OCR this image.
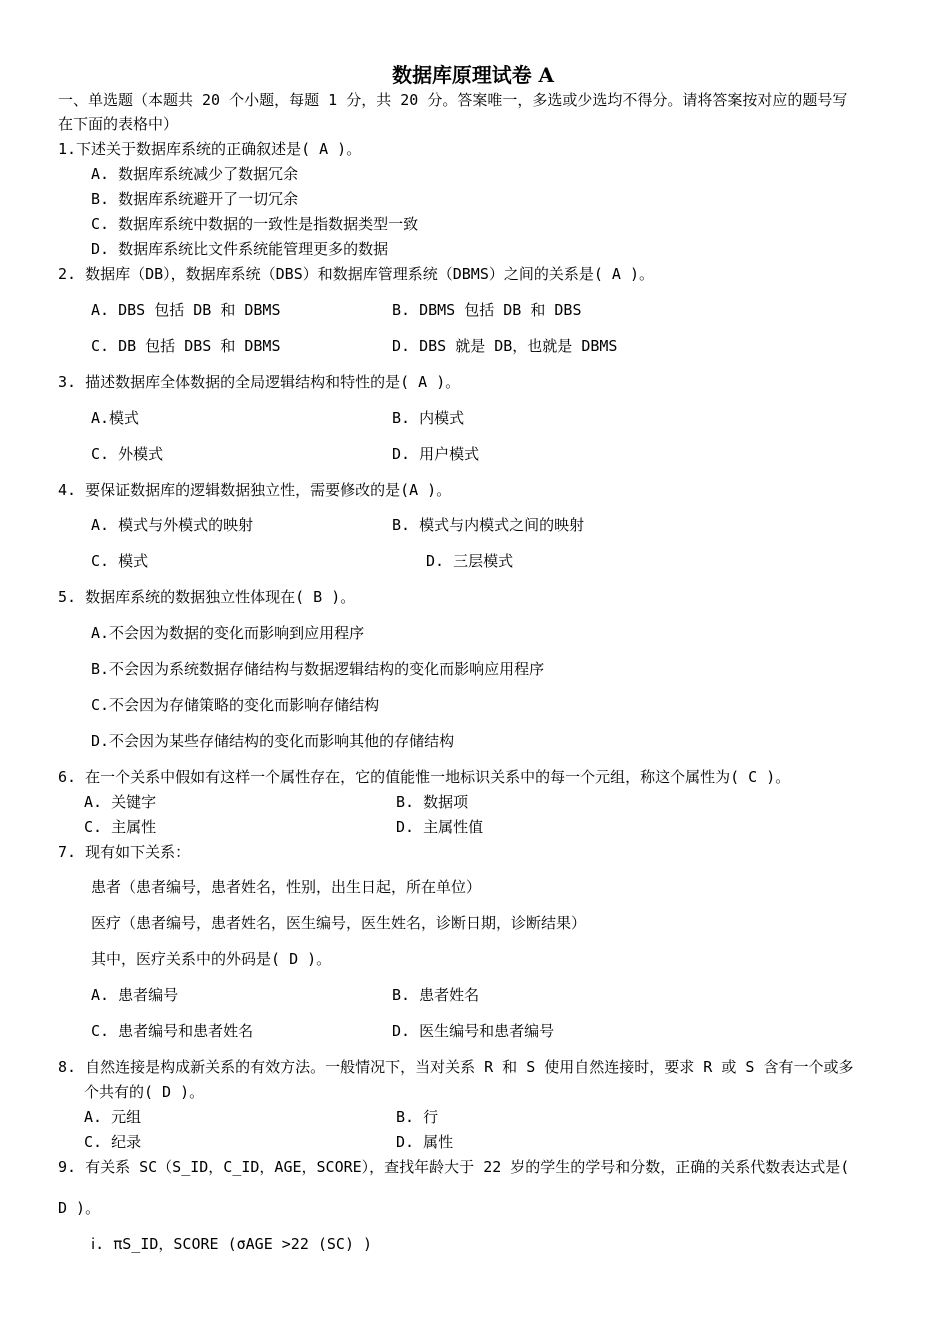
数据库原理试卷 A
一、单选题（本题共 20 个小题，每题 1 分，共 20 分。答案唯一，多选或少选均不得分。请将答案按对应的题号写
在下面的表格中）
1.下述关于数据库系统的正确叙述是( A )。
A. 数据库系统减少了数据冗余
B. 数据库系统避开了一切冗余
C. 数据库系统中数据的一致性是指数据类型一致
D. 数据库系统比文件系统能管理更多的数据
2. 数据库（DB），数据库系统（DBS）和数据库管理系统（DBMS）之间的关系是( A )。
A. DBS 包括 DB 和 DBMS	B. DBMS 包括 DB 和 DBS
C. DB 包括 DBS 和 DBMS	D. DBS 就是 DB，也就是 DBMS
3. 描述数据库全体数据的全局逻辑结构和特性的是( A )。
A.模式	B. 内模式
C. 外模式	D. 用户模式
4. 要保证数据库的逻辑数据独立性，需要修改的是(A )。
A. 模式与外模式的映射	B. 模式与内模式之间的映射
C. 模式	D. 三层模式
5. 数据库系统的数据独立性体现在( B )。
A.不会因为数据的变化而影响到应用程序
B.不会因为系统数据存储结构与数据逻辑结构的变化而影响应用程序
C.不会因为存储策略的变化而影响存储结构
D.不会因为某些存储结构的变化而影响其他的存储结构
6. 在一个关系中假如有这样一个属性存在，它的值能惟一地标识关系中的每一个元组，称这个属性为( C )。
A. 关键字	B. 数据项
C. 主属性	D. 主属性值
7. 现有如下关系：
患者（患者编号，患者姓名，性别，出生日起，所在单位）
医疗（患者编号，患者姓名，医生编号，医生姓名，诊断日期，诊断结果）
其中，医疗关系中的外码是( D )。
A. 患者编号	B. 患者姓名
C. 患者编号和患者姓名	D. 医生编号和患者编号
8. 自然连接是构成新关系的有效方法。一般情况下，当对关系 R 和 S 使用自然连接时，要求 R 或 S 含有一个或多
个共有的( D )。
A. 元组	B. 行
C. 纪录	D. 属性
9. 有关系 SC（S_ID，C_ID，AGE，SCORE），查找年龄大于 22 岁的学生的学号和分数，正确的关系代数表达式是(
D )。
ⅰ. πS_ID，SCORE (σAGE >22 (SC) )
